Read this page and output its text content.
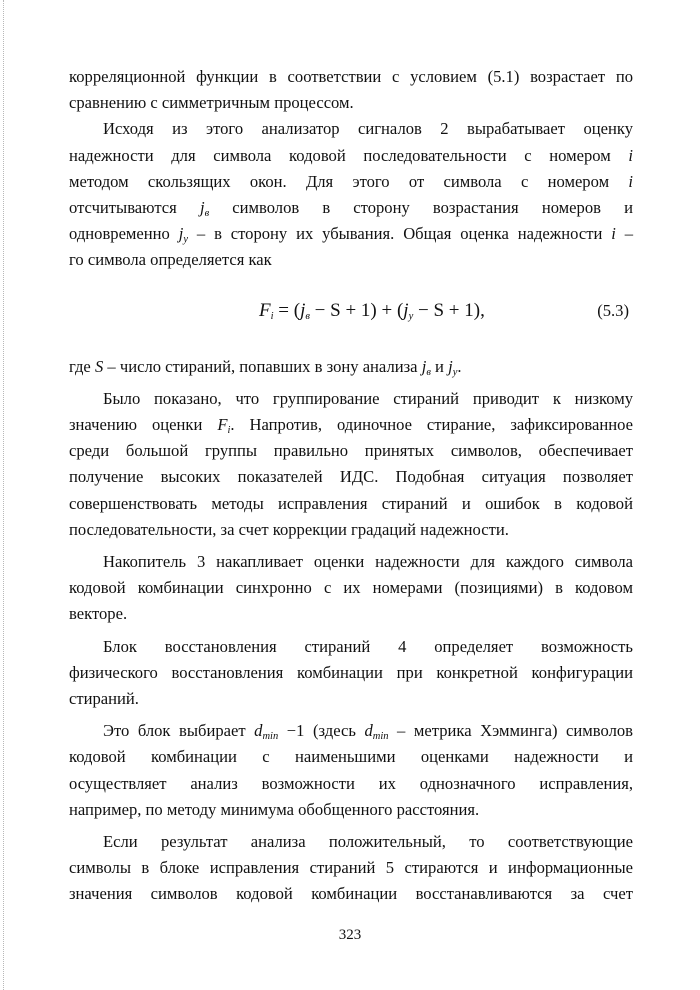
корреляционной функции в соответствии с условием (5.1) возрастает по

сравнению с симметричным процессом.

Исходя из этого анализатор сигналов 2 вырабатывает оценку

надежности для символа кодовой последовательности с номером i

методом скользящих окон. Для этого от символа с номером i

отсчитываются $j_в$ символов в сторону возрастания номеров и

одновременно $j_у$ – в сторону их убывания. Общая оценка надежности i –

го символа определяется как

$F_i = (j_в - S + 1) + (j_у - S + 1)$,	(5.3)

где S – число стираний, попавших в зону анализа $j_в$ и $j_у$.

Было показано, что группирование стираний приводит к низкому

значению оценки $F_i$. Напротив, одиночное стирание, зафиксированное

среди большой группы правильно принятых символов, обеспечивает

получение высоких показателей ИДС. Подобная ситуация позволяет

совершенствовать методы исправления стираний и ошибок в кодовой

последовательности, за счет коррекции градаций надежности.

Накопитель 3 накапливает оценки надежности для каждого символа

кодовой комбинации синхронно с их номерами (позициями) в кодовом

векторе.

Блок восстановления стираний 4 определяет возможность

физического восстановления комбинации при конкретной конфигурации

стираний.

Это блок выбирает $d_{min} -1$ (здесь $d_{min}$ – метрика Хэмминга) символов

кодовой комбинации с наименьшими оценками надежности и

осуществляет анализ возможности их однозначного исправления,

например, по методу минимума обобщенного расстояния.

Если результат анализа положительный, то соответствующие

символы в блоке исправления стираний 5 стираются и информационные

значения символов кодовой комбинации восстанавливаются за счет

323
